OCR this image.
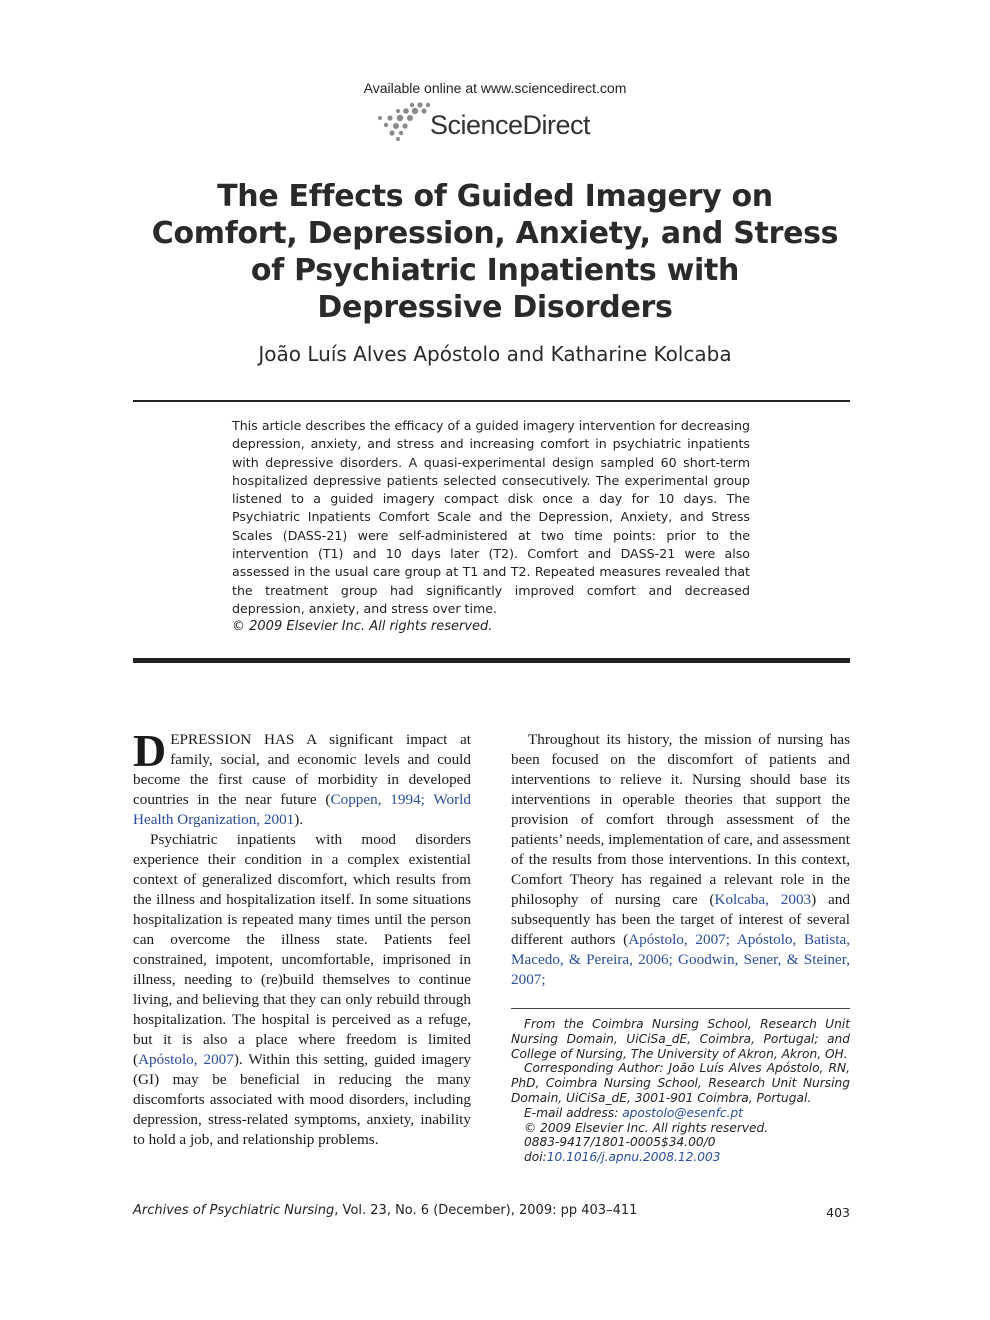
Available online at www.sciencedirect.com
ScienceDirect
The Effects of Guided Imagery on
Comfort, Depression, Anxiety, and Stress
of Psychiatric Inpatients with
Depressive Disorders
João Luís Alves Apóstolo and Katharine Kolcaba

This article describes the efficacy of a guided imagery intervention for decreasing depression, anxiety, and stress and increasing comfort in psychiatric inpatients with depressive disorders. A quasi-experimental design sampled 60 short-term hospitalized depressive patients selected consecutively. The experimental group listened to a guided imagery compact disk once a day for 10 days. The Psychiatric Inpatients Comfort Scale and the Depression, Anxiety, and Stress Scales (DASS-21) were self-administered at two time points: prior to the intervention (T1) and 10 days later (T2). Comfort and DASS-21 were also assessed in the usual care group at T1 and T2. Repeated measures revealed that the treatment group had significantly improved comfort and decreased depression, anxiety, and stress over time.

© 2009 Elsevier Inc. All rights reserved.

DEPRESSION HAS A significant impact at family, social, and economic levels and could become the first cause of morbidity in developed countries in the near future (Coppen, 1994; World Health Organization, 2001).

Psychiatric inpatients with mood disorders experience their condition in a complex existential context of generalized discomfort, which results from the illness and hospitalization itself. In some situations hospitalization is repeated many times until the person can overcome the illness state. Patients feel constrained, impotent, uncomfortable, imprisoned in illness, needing to (re)build themselves to continue living, and believing that they can only rebuild through hospitalization. The hospital is perceived as a refuge, but it is also a place where freedom is limited (Apóstolo, 2007). Within this setting, guided imagery (GI) may be beneficial in reducing the many discomforts associated with mood disorders, including depression, stress-related symptoms, anxiety, inability to hold a job, and relationship problems.

Throughout its history, the mission of nursing has been focused on the discomfort of patients and interventions to relieve it. Nursing should base its interventions in operable theories that support the provision of comfort through assessment of the patients’ needs, implementation of care, and assessment of the results from those interventions. In this context, Comfort Theory has regained a relevant role in the philosophy of nursing care (Kolcaba, 2003) and subsequently has been the target of interest of several different authors (Apóstolo, 2007; Apóstolo, Batista, Macedo, & Pereira, 2006; Goodwin, Sener, & Steiner, 2007;

From the Coimbra Nursing School, Research Unit Nursing Domain, UiCiSa_dE, Coimbra, Portugal; and College of Nursing, The University of Akron, Akron, OH.

Corresponding Author: João Luís Alves Apóstolo, RN, PhD, Coimbra Nursing School, Research Unit Nursing Domain, UiCiSa_dE, 3001-901 Coimbra, Portugal.

E-mail address: apostolo@esenfc.pt

© 2009 Elsevier Inc. All rights reserved.

0883-9417/1801-0005$34.00/0

doi:10.1016/j.apnu.2008.12.003

Archives of Psychiatric Nursing, Vol. 23, No. 6 (December), 2009: pp 403–411	403
